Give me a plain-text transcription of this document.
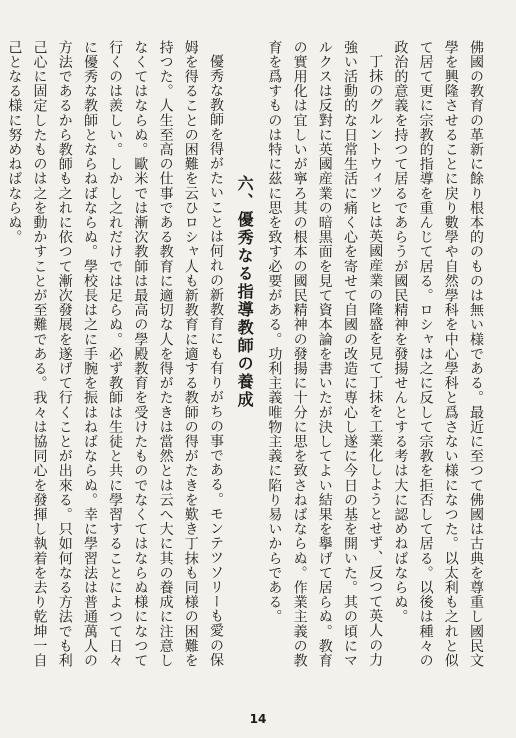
佛國の教育の革新に餘り根本的のものは無い様である。最近に至つて佛國は古典を尊重し國民文學を興隆させることに戻り數學や自然學科を中心學科と爲さない様になつた。以太利も之れと似て居て更に宗教的指導を重んじて居る。ロシャは之に反して宗教を拒否して居る。以後は種々の政治的意義を持つて居るであらうが國民精神を發揚せんとする考は大に認めねばならぬ。

丁抹のグルントウィツヒは英國産業の隆盛を見て丁抹を工業化しようとせず、反つて英人の力強い活動的な日常生活に痛く心を寄せて自國の改造に専心し遂に今日の基を開いた。其の頃にマルクスは反對に英國産業の暗黒面を見て資本論を書いたが決してよい結果を擧げて居らぬ。教育の實用化は宜しいが寧ろ其の根本の國民精神の發揚に十分に思を致さねばならぬ。作業主義の教育を爲すものは特に茲に思を致す必要がある。功利主義唯物主義に陷り易いからである。

六、優秀なる指導教師の養成

優秀な教師を得がたいことは何れの新教育にも有りがちの事である。モンテツソリーも愛の保姆を得ることの困難を云ひロシャ人も新教育に適する教師の得がたきを歎き丁抹も同様の困難を持つた。人生至高の仕事である教育に適切な人を得がたきは當然とは云へ大に其の養成に注意しなくてはならぬ。歐米では漸次教師は最高の學殿教育を受けたものでなくてはならぬ様になつて行くのは羨しい。しかし之れだけでは足らぬ。必ず教師は生徒と共に學習することによつて日々に優秀な教師とならねばならぬ。學校長は之に手腕を振はねばならぬ。幸に學習法は普通萬人の方法であるから教師も之れに依つて漸次發展を遂げて行くことが出來る。只如何なる方法でも利己心に固定したものは之を動かすことが至難である。我々は協同心を發揮し執着を去り乾坤一自己となる様に努めねばならぬ。

14
